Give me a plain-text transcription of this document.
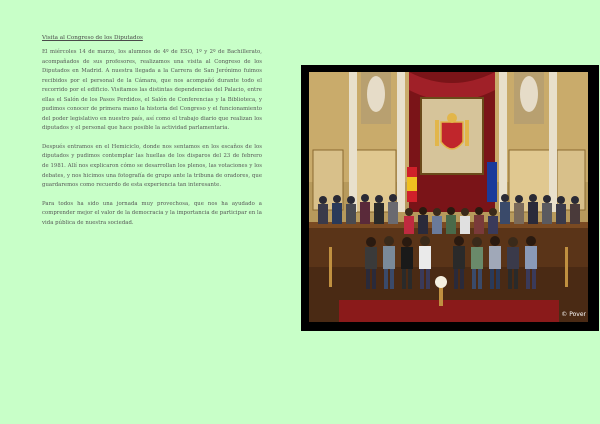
Visita al Congreso de los Diputados

El miércoles 14 de marzo, los alumnos de 4º de ESO, 1º y 2º de Bachillerato, acompañados de sus profesores, realizamos una visita al Congreso de los Diputados en Madrid. A nuestra llegada a la Carrera de San Jerónimo fuimos recibidos por el personal de la Cámara, que nos acompañó durante todo el recorrido por el edificio. Visitamos las distintas dependencias del Palacio, entre ellas el Salón de los Pasos Perdidos, el Salón de Conferencias y la Biblioteca, y pudimos conocer de primera mano la historia del Congreso y el funcionamiento del poder legislativo en nuestro país, así como el trabajo diario que realizan los diputados y el personal que hace posible la actividad parlamentaria.

Después entramos en el Hemiciclo, donde nos sentamos en los escaños de los diputados y pudimos contemplar las huellas de los disparos del 23 de febrero de 1981. Allí nos explicaron cómo se desarrollan los plenos, las votaciones y los debates, y nos hicimos una fotografía de grupo ante la tribuna de oradores, que guardaremos como recuerdo de esta experiencia tan interesante.

Para todos ha sido una jornada muy provechosa, que nos ha ayudado a comprender mejor el valor de la democracia y la importancia de participar en la vida pública de nuestra sociedad.

© Pover
